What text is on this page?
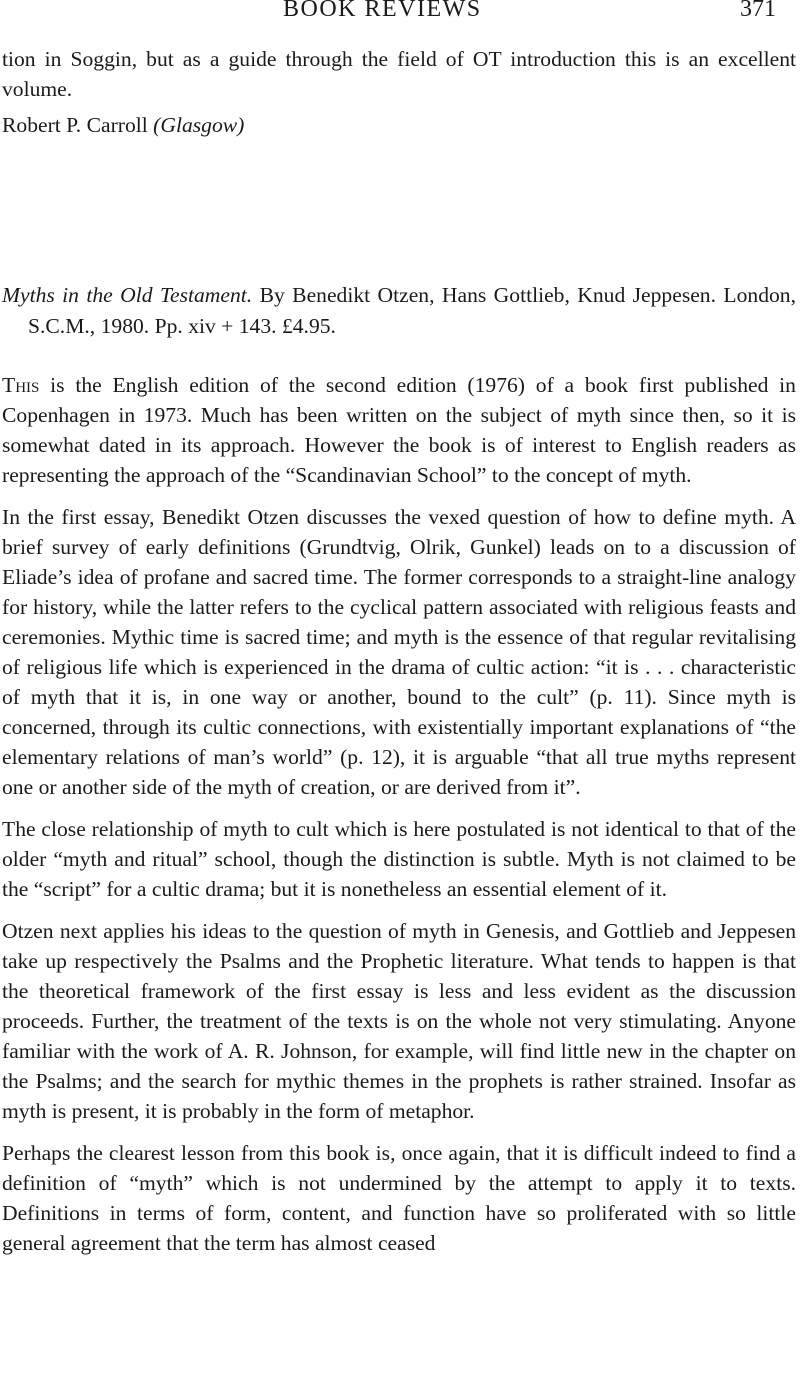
BOOK REVIEWS	371

tion in Soggin, but as a guide through the field of OT introduction this is an excellent volume.

Robert P. Carroll (Glasgow)

Myths in the Old Testament. By Benedikt Otzen, Hans Gottlieb, Knud Jeppesen. London, S.C.M., 1980. Pp. xiv + 143. £4.95.

This is the English edition of the second edition (1976) of a book first published in Copenhagen in 1973. Much has been written on the subject of myth since then, so it is somewhat dated in its approach. However the book is of interest to English readers as representing the approach of the “Scandinavian School” to the concept of myth.

In the first essay, Benedikt Otzen discusses the vexed question of how to define myth. A brief survey of early definitions (Grundtvig, Olrik, Gunkel) leads on to a discussion of Eliade’s idea of profane and sacred time. The former corresponds to a straight-line analogy for history, while the latter refers to the cyclical pattern associated with religious feasts and ceremonies. Mythic time is sacred time; and myth is the essence of that regular revitalising of religious life which is experienced in the drama of cultic action: “it is . . . characteristic of myth that it is, in one way or another, bound to the cult” (p. 11). Since myth is concerned, through its cultic connections, with existentially important explanations of “the elementary relations of man’s world” (p. 12), it is arguable “that all true myths represent one or another side of the myth of creation, or are derived from it”.

The close relationship of myth to cult which is here postulated is not identical to that of the older “myth and ritual” school, though the distinction is subtle. Myth is not claimed to be the “script” for a cultic drama; but it is nonetheless an essential element of it.

Otzen next applies his ideas to the question of myth in Genesis, and Gottlieb and Jeppesen take up respectively the Psalms and the Prophetic literature. What tends to happen is that the theoretical framework of the first essay is less and less evident as the discussion proceeds. Further, the treatment of the texts is on the whole not very stimulating. Anyone familiar with the work of A. R. Johnson, for example, will find little new in the chapter on the Psalms; and the search for mythic themes in the prophets is rather strained. Insofar as myth is present, it is probably in the form of metaphor.

Perhaps the clearest lesson from this book is, once again, that it is difficult indeed to find a definition of “myth” which is not undermined by the attempt to apply it to texts. Definitions in terms of form, content, and function have so proliferated with so little general agreement that the term has almost ceased
